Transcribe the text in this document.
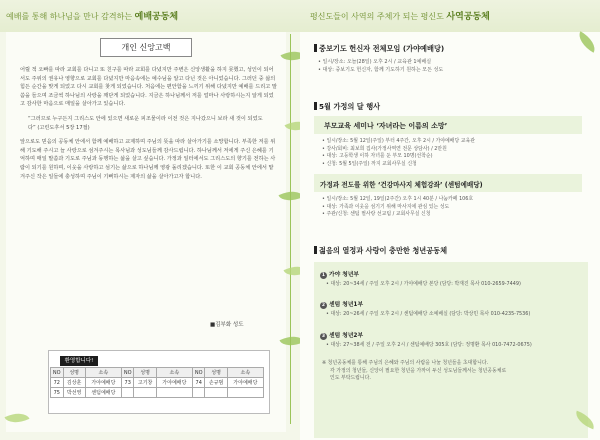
예배를 통해 하나님을 만나 감격하는 예배공동체
개인 신앙고백

어릴 적 오빠를 따라 교회를 다니고 또 친구를 따라 교회를 다녔지만 주변은 신앙생활을 하지 못했고, 성인이 되어서도 주위의 권유나 영향으로 교회를 다녔지만 마음속에는 예수님을 알고 다닌 것은 아니었습니다. 그러던 중 삶의 힘든 순간을 맞게 되었고 다시 교회를 찾게 되었습니다. 처음에는 편안함을 느끼기 위해 다녔지만 예배를 드리고 말씀을 들으며 조금씩 하나님의 사랑을 깨닫게 되었습니다. 지금은 하나님께서 저를 얼마나 사랑하시는지 알게 되었고 감사한 마음으로 매일을 살아가고 있습니다.

“그러므로 누구든지 그리스도 안에 있으면 새로운 피조물이라 이전 것은 지나갔으니 보라 새 것이 되었도다” (고린도후서 5장 17절)

앞으로도 믿음의 공동체 안에서 함께 예배하고 교제하며 주님의 뜻을 따라 살아가기를 소망합니다. 부족한 저를 위해 기도해 주시고 늘 사랑으로 섬겨주시는 목사님과 성도님들께 감사드립니다. 하나님께서 저에게 주신 은혜를 기억하며 매일 말씀과 기도로 주님과 동행하는 삶을 살고 싶습니다. 가정과 일터에서도 그리스도의 향기를 전하는 사람이 되기를 원하며, 이웃을 사랑하고 섬기는 삶으로 하나님께 영광 돌리겠습니다. 또한 이 교회 공동체 안에서 맡겨주신 작은 일들에 충성하며 주님이 기뻐하시는 제자의 삶을 살아가고자 합니다.

■김부화 성도
환영합니다!
NO	성명	소속	NO	성명	소속	NO	성명	소속
72	김상훈	가야예배당	73	고기창	가야예배당	74	손규범	가야예배당
75	박선영	센텀예배당						
평신도들이 사역의 주체가 되는 평신도 사역공동체
중보기도 헌신자 전체모임 (가야예배당)
• 일시/장소: 오늘(28일) 오후 2시 / 교육관 1예배실
• 대상: 중보기도 헌신자, 함께 기도하기 원하는 모든 성도
5월 가정의 달 행사
부모교육 세미나 ‘자녀라는 이름의 소망’
• 일시/장소: 5월 12일(주일) 부터 4주간, 오후 2시 / 가야예배당 교육관
• 강사/회비: 최보희 집사(가정사역연 전문 상담사) / 2만원
• 대상: 고등학생 이하 자녀를 둔 부모 10명(선착순)
• 신청: 5월 5일(주일) 까지 교회사무실 신청
가정과 전도를 위한 ‘건강마사지 체험강좌’ (센텀예배당)
• 일시/장소: 5월 12일, 19일(2주간) 오후 1시 40분 / 나눔카페 106호
• 대상: 가족과 이웃을 섬기기 위해 마사지에 관심 있는 성도
• 주관/신청: 센텀 필사랑 선교팀 / 교회사무실 신청
젊음의 열정과 사랑이 충만한 청년공동체
1 가야 청년부
• 대상: 20~34세 / 주일 오후 2시 / 가야예배당 본당 (담당: 박재진 목사 010-2659-7449)
2 센텀 청년1부
• 대상: 20~26세 / 주일 오후 2시 / 센텀예배당 소예배실 (담당: 박상민 목사 010-4235-7536)
3 센텀 청년2부
• 대상: 27~38세 전 / 주일 오후 2시 / 센텀예배당 305호 (담당: 정명환 목사 010-7472-0675)
※ 청년공동체를 통해 주님의 은혜와 주님의 사람을 나눌 청년들을 초대합니다.
각 가정의 청년들, 신앙이 필요한 청년을 가까이 두신 성도님들께서는 청년공동체로
인도 부탁드립니다.
